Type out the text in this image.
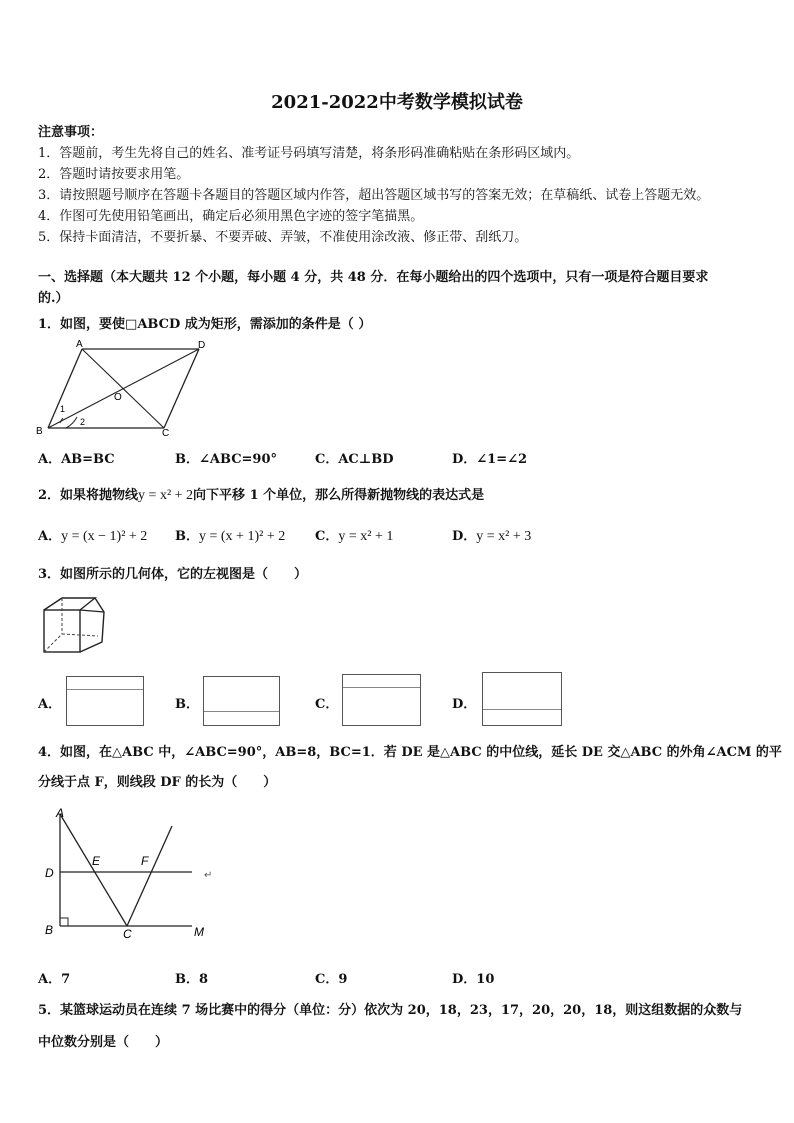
2021-2022中考数学模拟试卷
注意事项：
1．答题前，考生先将自己的姓名、准考证号码填写清楚，将条形码准确粘贴在条形码区域内。
2．答题时请按要求用笔。
3．请按照题号顺序在答题卡各题目的答题区域内作答，超出答题区域书写的答案无效；在草稿纸、试卷上答题无效。
4．作图可先使用铅笔画出，确定后必须用黑色字迹的签字笔描黑。
5．保持卡面清洁，不要折暴、不要弄破、弄皱，不准使用涂改液、修正带、刮纸刀。
一、选择题（本大题共 12 个小题，每小题 4 分，共 48 分．在每小题给出的四个选项中，只有一项是符合题目要求
的.）
1．如图，要使□ABCD 成为矩形，需添加的条件是（ ）
A	D
B	C
O
1
2
A．AB=BC	B．∠ABC=90°	C．AC⊥BD	D．∠1=∠2
2．如果将抛物线y = x² + 2向下平移 1 个单位，那么所得新抛物线的表达式是
A．y = (x − 1)² + 2 B．y = (x + 1)² + 2 C．y = x² + 1	D．y = x² + 3
3．如图所示的几何体，它的左视图是（　　）
A．	B．	C．	D．
4．如图，在△ABC 中，∠ABC=90°，AB=8，BC=1．若 DE 是△ABC 的中位线，延长 DE 交△ABC 的外角∠ACM 的平
分线于点 F，则线段 DF 的长为（　　）
A
D
B
E	F
C	M
↵
A．7	B．8	C．9	D．10
5．某篮球运动员在连续 7 场比赛中的得分（单位：分）依次为 20，18，23，17，20，20，18，则这组数据的众数与
中位数分别是（　　）
